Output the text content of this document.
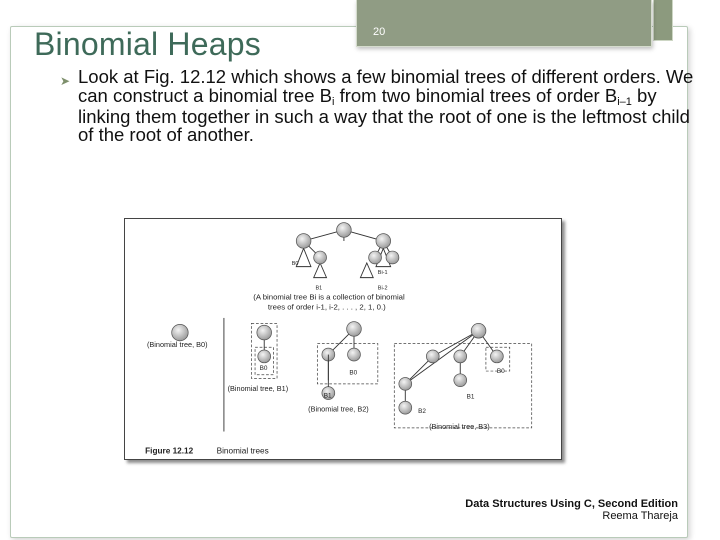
20
Binomial Heaps
➤ Look at Fig. 12.12 which shows a few binomial trees of different orders. We can construct a binomial tree $B_i$ from two binomial trees of order $B_{i-1}$ by linking them together in such a way that the root of one is the leftmost child of the root of another.

B0
Bi-1
B1	Bi-2
(A binomial tree Bi is a collection of binomial
trees of order i-1, i-2, . . . , 2, 1, 0.)
(Binomial tree, B0)
B0
(Binomial tree, B1)
B0
B1
(Binomial tree, B2)
B0
B1
B2
(Binomial tree, B3)
Figure 12.12	Binomial trees
Data Structures Using C, Second Edition
Reema Thareja
